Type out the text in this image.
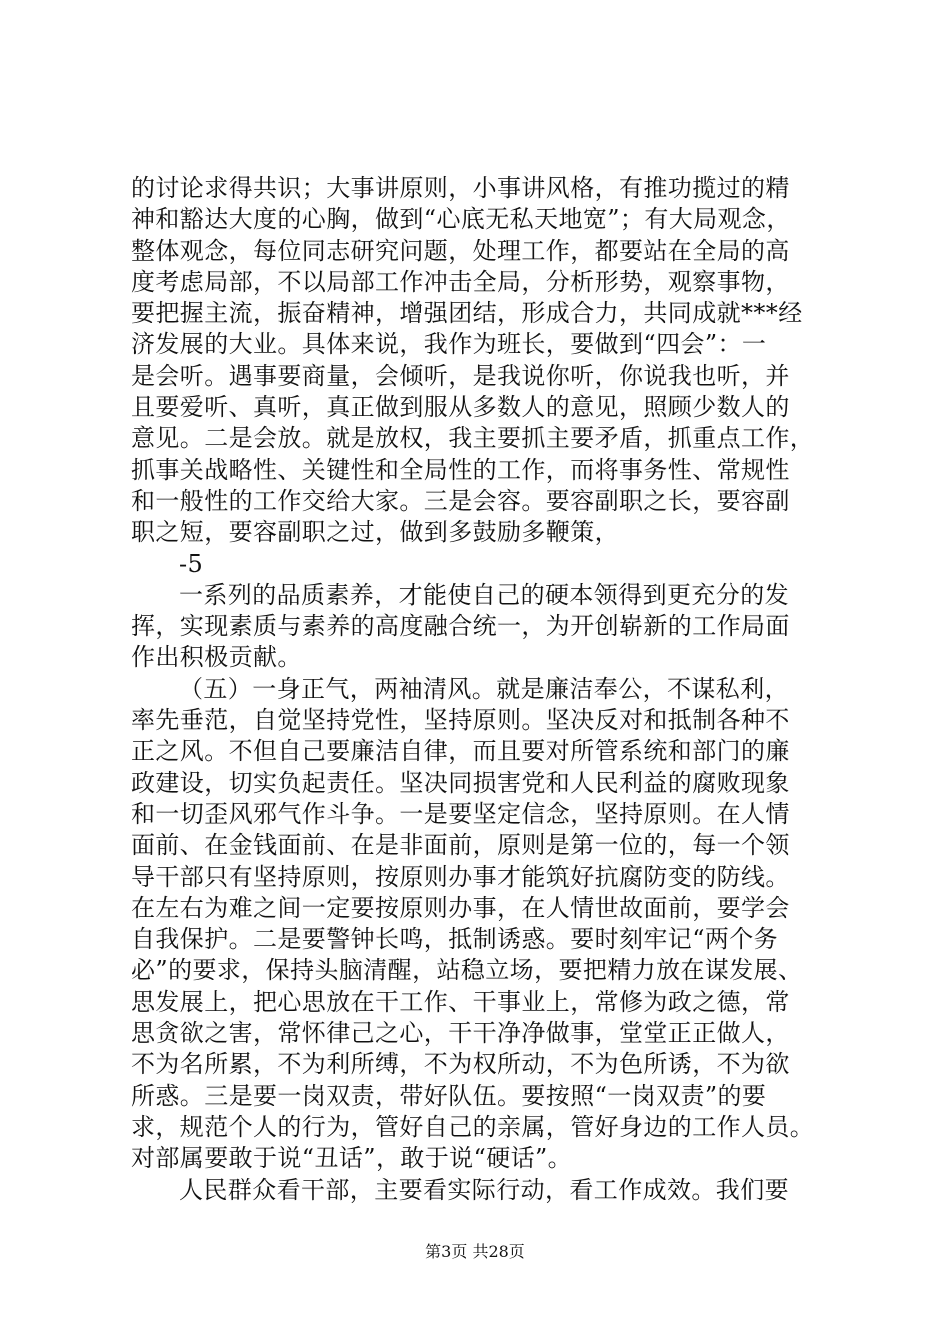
的讨论求得共识；大事讲原则，小事讲风格，有推功揽过的精
神和豁达大度的心胸，做到“心底无私天地宽”；有大局观念，
整体观念，每位同志研究问题，处理工作，都要站在全局的高
度考虑局部，不以局部工作冲击全局，分析形势，观察事物，
要把握主流，振奋精神，增强团结，形成合力，共同成就***经
济发展的大业。具体来说，我作为班长，要做到“四会”：一
是会听。遇事要商量，会倾听，是我说你听，你说我也听，并
且要爱听、真听，真正做到服从多数人的意见，照顾少数人的
意见。二是会放。就是放权，我主要抓主要矛盾，抓重点工作，
抓事关战略性、关键性和全局性的工作，而将事务性、常规性
和一般性的工作交给大家。三是会容。要容副职之长，要容副
职之短，要容副职之过，做到多鼓励多鞭策，
-5
一系列的品质素养，才能使自己的硬本领得到更充分的发
挥，实现素质与素养的高度融合统一，为开创崭新的工作局面
作出积极贡献。
（五）一身正气，两袖清风。就是廉洁奉公，不谋私利，
率先垂范，自觉坚持党性，坚持原则。坚决反对和抵制各种不
正之风。不但自己要廉洁自律，而且要对所管系统和部门的廉
政建设，切实负起责任。坚决同损害党和人民利益的腐败现象
和一切歪风邪气作斗争。一是要坚定信念，坚持原则。在人情
面前、在金钱面前、在是非面前，原则是第一位的，每一个领
导干部只有坚持原则，按原则办事才能筑好抗腐防变的防线。
在左右为难之间一定要按原则办事，在人情世故面前，要学会
自我保护。二是要警钟长鸣，抵制诱惑。要时刻牢记“两个务
必”的要求，保持头脑清醒，站稳立场，要把精力放在谋发展、
思发展上，把心思放在干工作、干事业上，常修为政之德，常
思贪欲之害，常怀律己之心，干干净净做事，堂堂正正做人，
不为名所累，不为利所缚，不为权所动，不为色所诱，不为欲
所惑。三是要一岗双责，带好队伍。要按照“一岗双责”的要
求，规范个人的行为，管好自己的亲属，管好身边的工作人员。
对部属要敢于说“丑话”，敢于说“硬话”。
人民群众看干部，主要看实际行动，看工作成效。我们要
第3页 共28页
